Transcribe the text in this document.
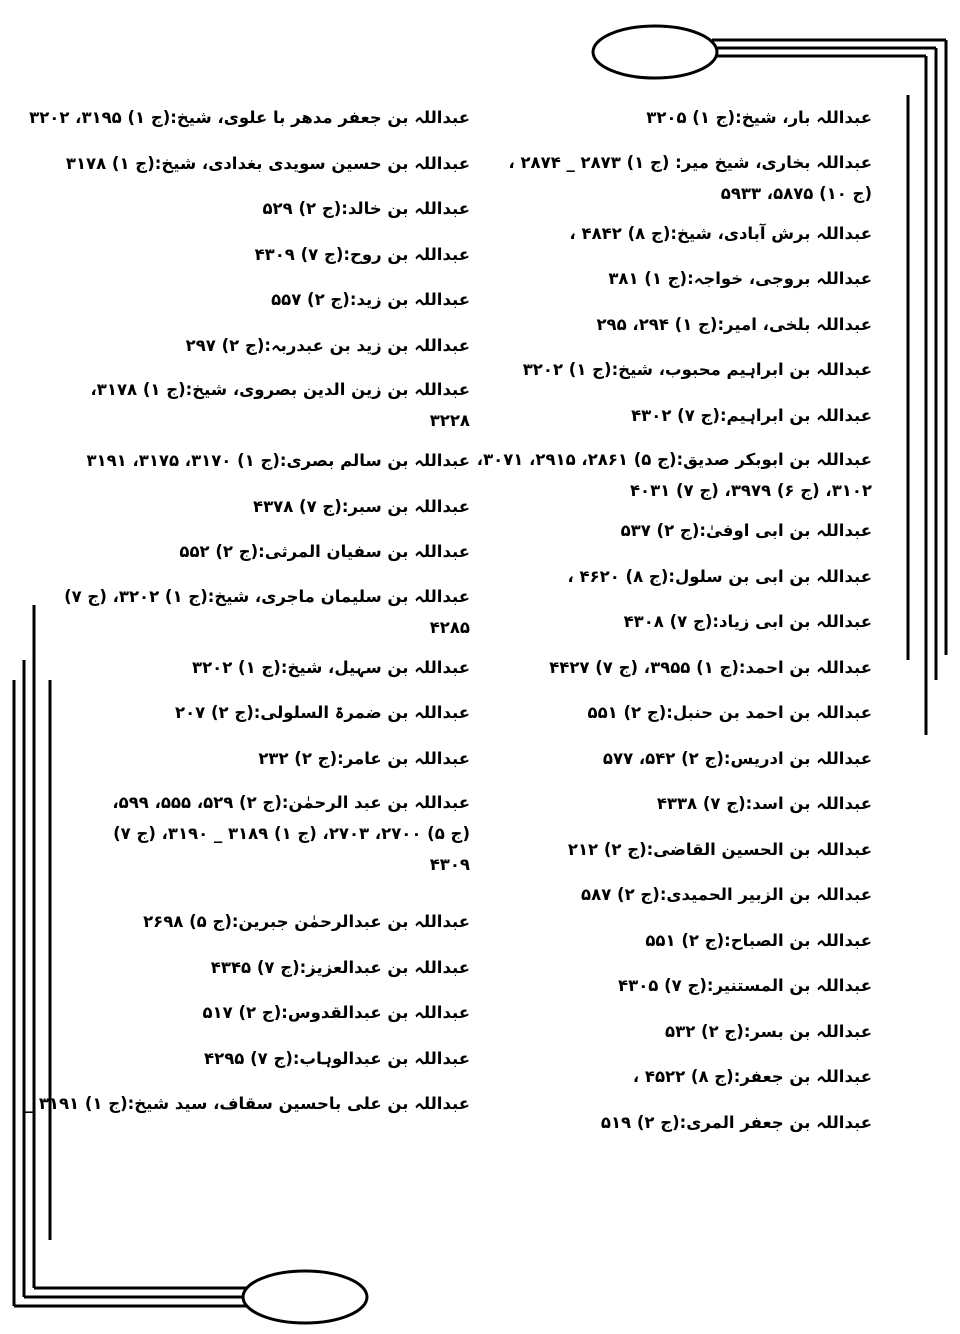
عبداللہ بار، شیخ:(ج ۱) ۳۲۰۵
عبداللہ بخاری، شیخ میر: (ج ۱) ۲۸۷۳ _ ۲۸۷۴ ،
(ج ۱۰) ۵۸۷۵، ۵۹۳۳
عبداللہ برش آبادی، شیخ:(ج ۸) ۴۸۴۲ ،
عبداللہ بروجی، خواجہ:(ج ۱) ۳۸۱
عبداللہ بلخی، امیر:(ج ۱) ۲۹۴، ۲۹۵
عبداللہ بن ابراہیم محبوب، شیخ:(ج ۱) ۳۲۰۲
عبداللہ بن ابراہیم:(ج ۷) ۴۳۰۲
عبداللہ بن ابوبکر صدیق:(ج ۵) ۲۸۶۱، ۲۹۱۵، ۳۰۷۱،
۳۱۰۲، (ج ۶) ۳۹۷۹، (ج ۷) ۴۰۳۱
عبداللہ بن ابی اوفیٰ:(ج ۲) ۵۳۷
عبداللہ بن ابی بن سلول:(ج ۸) ۴۶۲۰ ،
عبداللہ بن ابی زیاد:(ج ۷) ۴۳۰۸
عبداللہ بن احمد:(ج ۱) ۳۹۵۵، (ج ۷) ۴۴۲۷
عبداللہ بن احمد بن حنبل:(ج ۲) ۵۵۱
عبداللہ بن ادریس:(ج ۲) ۵۴۲، ۵۷۷
عبداللہ بن اسد:(ج ۷) ۴۳۳۸
عبداللہ بن الحسین القاضی:(ج ۲) ۲۱۲
عبداللہ بن الزبیر الحمیدی:(ج ۲) ۵۸۷
عبداللہ بن الصباح:(ج ۲) ۵۵۱
عبداللہ بن المستنیر:(ج ۷) ۴۳۰۵
عبداللہ بن بسر:(ج ۲) ۵۳۲
عبداللہ بن جعفر:(ج ۸) ۴۵۲۲ ،
عبداللہ بن جعفر المری:(ج ۲) ۵۱۹
عبداللہ بن جعفر مدھر با علوی، شیخ:(ج ۱) ۳۱۹۵، ۳۲۰۲
عبداللہ بن حسین سویدی بغدادی، شیخ:(ج ۱) ۳۱۷۸
عبداللہ بن خالد:(ج ۲) ۵۲۹
عبداللہ بن روح:(ج ۷) ۴۳۰۹
عبداللہ بن زید:(ج ۲) ۵۵۷
عبداللہ بن زید بن عبدربہ:(ج ۲) ۲۹۷
عبداللہ بن زین الدین بصروی، شیخ:(ج ۱) ۳۱۷۸،
۳۲۲۸
عبداللہ بن سالم بصری:(ج ۱) ۳۱۷۰، ۳۱۷۵، ۳۱۹۱
عبداللہ بن سبر:(ج ۷) ۴۳۷۸
عبداللہ بن سفیان المرثی:(ج ۲) ۵۵۲
عبداللہ بن سلیمان ماجری، شیخ:(ج ۱) ۳۲۰۲، (ج ۷)
۴۲۸۵
عبداللہ بن سہیل، شیخ:(ج ۱) ۳۲۰۲
عبداللہ بن ضمرۃ السلولی:(ج ۲) ۲۰۷
عبداللہ بن عامر:(ج ۲) ۲۳۲
عبداللہ بن عبد الرحمٰن:(ج ۲) ۵۲۹، ۵۵۵، ۵۹۹،
(ج ۵) ۲۷۰۰، ۲۷۰۳، (ج ۱) ۳۱۸۹ _ ۳۱۹۰، (ج ۷) ۴۳۰۹
عبداللہ بن عبدالرحمٰن جبرین:(ج ۵) ۲۶۹۸
عبداللہ بن عبدالعزیز:(ج ۷) ۴۳۴۵
عبداللہ بن عبدالقدوس:(ج ۲) ۵۱۷
عبداللہ بن عبدالوہاب:(ج ۷) ۴۲۹۵
عبداللہ بن علی باحسین سقاف، سید شیخ:(ج ۱) ۳۱۹۱ _
